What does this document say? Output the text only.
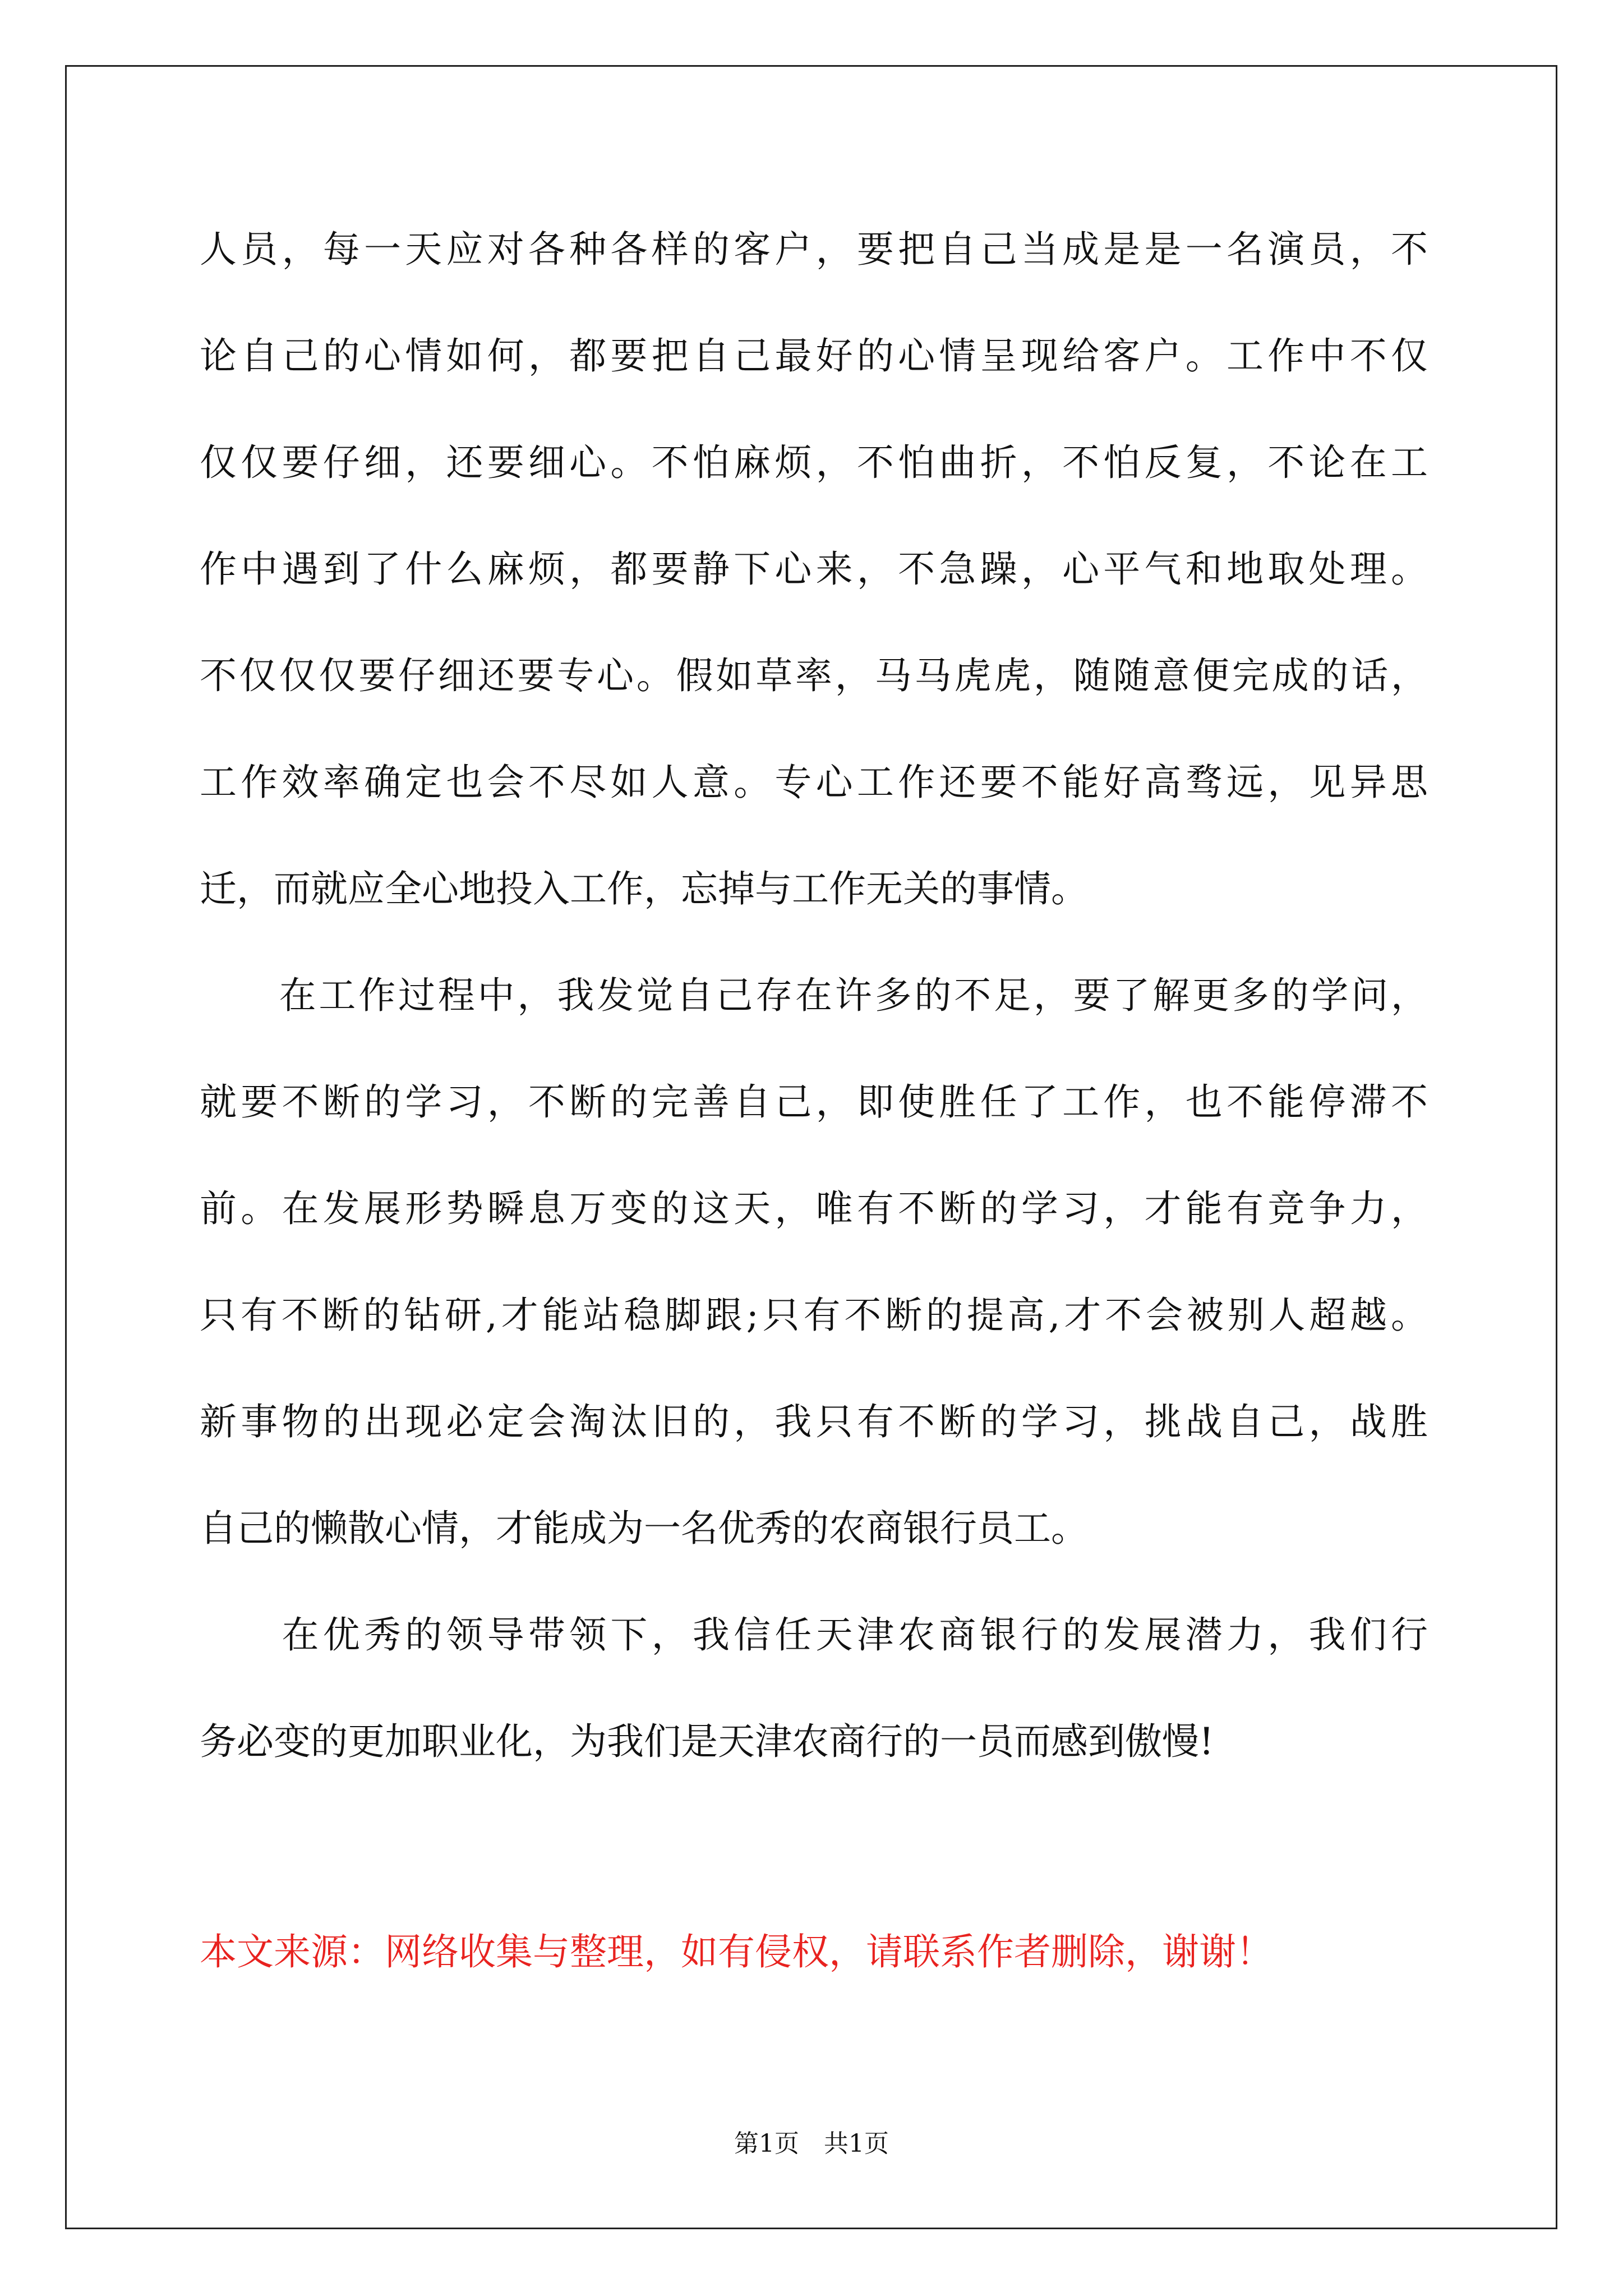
人员，每一天应对各种各样的客户，要把自己当成是是一名演员，不
论自己的心情如何，都要把自己最好的心情呈现给客户。工作中不仅
仅仅要仔细，还要细心。不怕麻烦，不怕曲折，不怕反复，不论在工
作中遇到了什么麻烦，都要静下心来，不急躁，心平气和地取处理。
不仅仅仅要仔细还要专心。假如草率，马马虎虎，随随意便完成的话，
工作效率确定也会不尽如人意。专心工作还要不能好高骛远，见异思
迁，而就应全心地投入工作，忘掉与工作无关的事情。
　　在工作过程中，我发觉自己存在许多的不足，要了解更多的学问，
就要不断的学习，不断的完善自己，即使胜任了工作，也不能停滞不
前。在发展形势瞬息万变的这天，唯有不断的学习，才能有竞争力，
只有不断的钻研,才能站稳脚跟;只有不断的提高,才不会被别人超越。
新事物的出现必定会淘汰旧的，我只有不断的学习，挑战自己，战胜
自己的懒散心情，才能成为一名优秀的农商银行员工。
　　在优秀的领导带领下，我信任天津农商银行的发展潜力，我们行
务必变的更加职业化，为我们是天津农商行的一员而感到傲慢!
本文来源：网络收集与整理，如有侵权，请联系作者删除，谢谢！
第1页　共1页
